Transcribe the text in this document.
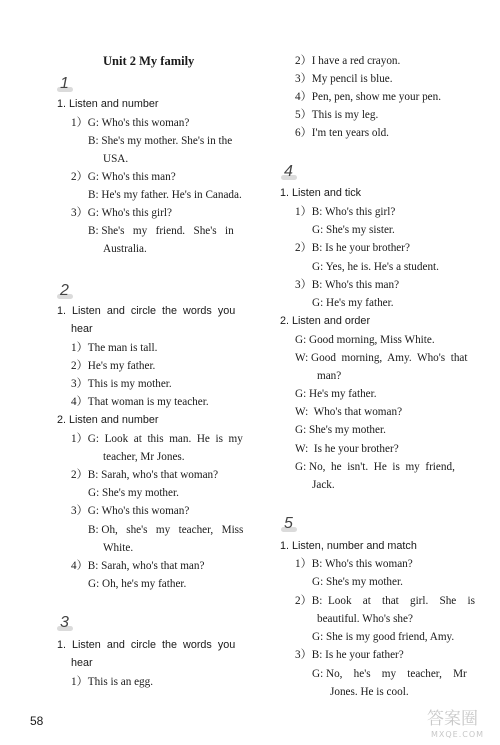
Unit 2 My family
1
1. Listen and number
1）G: Who's this woman?
B: She's my mother. She's in the
USA.
2）G: Who's this man?
B: He's my father. He's in Canada.
3）G: Who's this girl?
B: She's   my   friend.   She's   in
Australia.
2
1.  Listen  and  circle  the  words  you
hear
1）The man is tall.
2）He's my father.
3）This is my mother.
4）That woman is my teacher.
2. Listen and number
1）G:  Look  at  this  man.  He  is  my
teacher, Mr Jones.
2）B: Sarah, who's that woman?
G: She's my mother.
3）G: Who's this woman?
B: Oh,   she's   my   teacher,   Miss
White.
4）B: Sarah, who's that man?
G: Oh, he's my father.
3
1.  Listen  and  circle  the  words  you
hear
1）This is an egg.
2）I have a red crayon.
3）My pencil is blue.
4）Pen, pen, show me your pen.
5）This is my leg.
6）I'm ten years old.
4
1. Listen and tick
1）B: Who's this girl?
G: She's my sister.
2）B: Is he your brother?
G: Yes, he is. He's a student.
3）B: Who's this man?
G: He's my father.
2. Listen and order
G: Good morning, Miss White.
W: Good  morning,  Amy.  Who's  that
man?
G: He's my father.
W:  Who's that woman?
G: She's my mother.
W:  Is he your brother?
G: No,  he  isn't.  He  is  my  friend,
Jack.
5
1. Listen, number and match
1）B: Who's this woman?
G: She's my mother.
2）B:  Look    at    that    girl.    She    is
beautiful. Who's she?
G: She is my good friend, Amy.
3）B: Is he your father?
G: No,    he's    my    teacher,    Mr
Jones. He is cool.
58	答案圈
MXQE.COM
